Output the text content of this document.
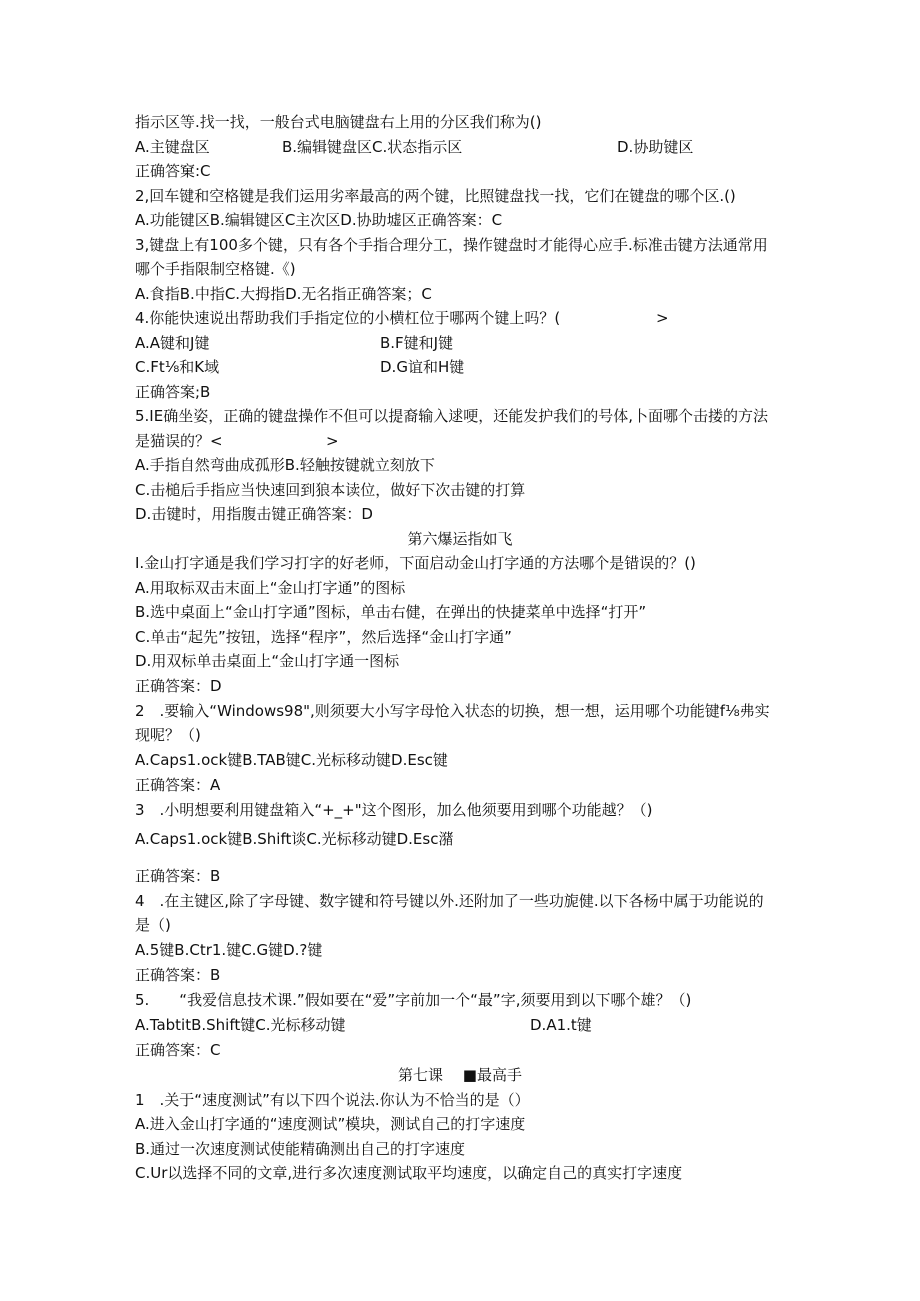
指示区等.找一找，一般台式电脑键盘右上用的分区我们称为()
A.主键盘区	B.编辑键盘区C.状态指示区	D.协助键区
正确答窠:C
2,回车键和空格键是我们运用劣率最高的两个键，比照键盘找一找，它们在键盘的哪个区.()
A.功能键区B.编辑键区C主次区D.协助墟区正确答案：C
3,键盘上有100多个键，只有各个手指合理分工，操作键盘时才能得心应手.标准击键方法通常用
哪个手指限制空格键.《)
A.食指B.中指C.大拇指D.无名指正确答案；C
4.你能快速说出帮助我们手指定位的小横杠位于哪两个键上吗？(	>
A.A键和J键	B.F键和J键
C.Ft⅛和K域	D.G谊和H键
正确答案;B
5.IE确坐姿，正确的键盘操作不但可以提裔输入逑哽，还能发护我们的号体,卜面哪个击搂的方法
是猫误的？<	>
A.手指自然弯曲成孤形B.轻触按键就立刻放下
C.击槌后手指应当快速回到狼本读位，做好下次击键的打算
D.击键时，用指腹击键正确答案：D
第六爆运指如飞
I.金山打字通是我们学习打字的好老师，下面启动金山打字通的方法哪个是错误的？()
A.用取标双击末面上“金山打字通”的图标
B.选中桌面上“金山打字通”图标，单击右健，在弹出的快捷菜单中选择“打开”
C.单击“起先”按钮，选择“程序”，然后选择“金山打字通”
D.用双标单击桌面上“金山打字通一图标
正确答案：D
2　.要输入“Windows98",则须要大小写字母怆入状态的切换，想一想，运用哪个功能键f⅛弗实
现呢？（)
A.Caps1.ock键B.TAB键C.光标移动键D.Esc键
正确答案：A
3　.小明想要利用键盘箱入“+_+"这个图形，加么他须要用到哪个功能越？（)
A.Caps1.ock键B.Shift谈C.光标移动键D.Esc潴
正确答案：B
4　.在主键区,除了字母键、数字键和符号键以外.还附加了一些功旎健.以下各杨中属于功能说的
是（)
A.5键B.Ctr1.键C.G键D.?键
正确答案：B
5.　　“我爱信息技术课.”假如要在“爱”字前加一个“最”字,须要用到以下哪个雄？（)
A.TabtitB.Shift键C.光标移动键	D.A1.t键
正确答案：C
第七课　 ■最高手
1　.关于“速度测试”有以下四个说法.你认为不恰当的是（）
A.进入金山打字通的“速度测试”模块，测试自己的打字速度
B.通过一次速度测试使能精确测出自己的打字速度
C.Ur以选择不同的文章,进行多次速度测试取平均速度，以确定自己的真实打字速度
